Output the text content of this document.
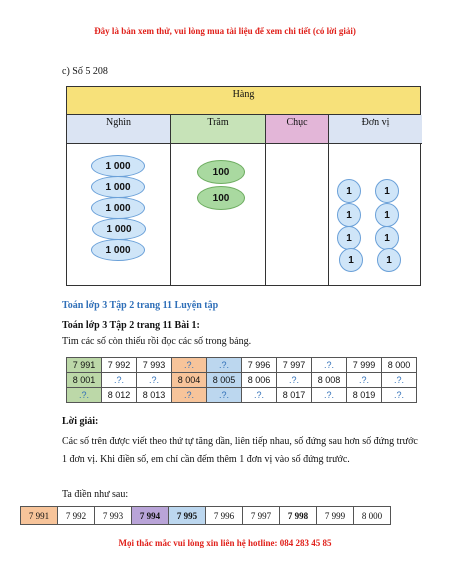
Đây là bản xem thử, vui lòng mua tài liệu để xem chi tiết (có lời giải)
c) Số 5 208
Hàng
Nghìn
1 000
1 000
1 000
1 000
1 000
Trăm
100
100
Chục	Đơn vị
1	1
1	1
1	1
1	1
Toán lớp 3 Tập 2 trang 11 Luyện tập
Toán lớp 3 Tập 2 trang 11 Bài 1:
Tìm các số còn thiếu rồi đọc các số trong bảng.
7 991	7 992	7 993	.?.	.?.	7 996	7 997	.?.	7 999	8 000
8 001	.?.	.?.	8 004	8 005	8 006	.?.	8 008	.?.	.?.
.?.	8 012	8 013	.?.	.?.	.?.	8 017	.?.	8 019	.?.
Lời giải:
Các số trên được viết theo thứ tự tăng dần, liên tiếp nhau, số đứng sau hơn số đứng trước 1 đơn vị. Khi điền số, em chỉ cần đếm thêm 1 đơn vị vào số đứng trước.
Ta điền như sau:
7 991	7 992	7 993	7 994	7 995	7 996	7 997	7 998	7 999	8 000
Mọi thắc mắc vui lòng xin liên hệ hotline: 084 283 45 85
